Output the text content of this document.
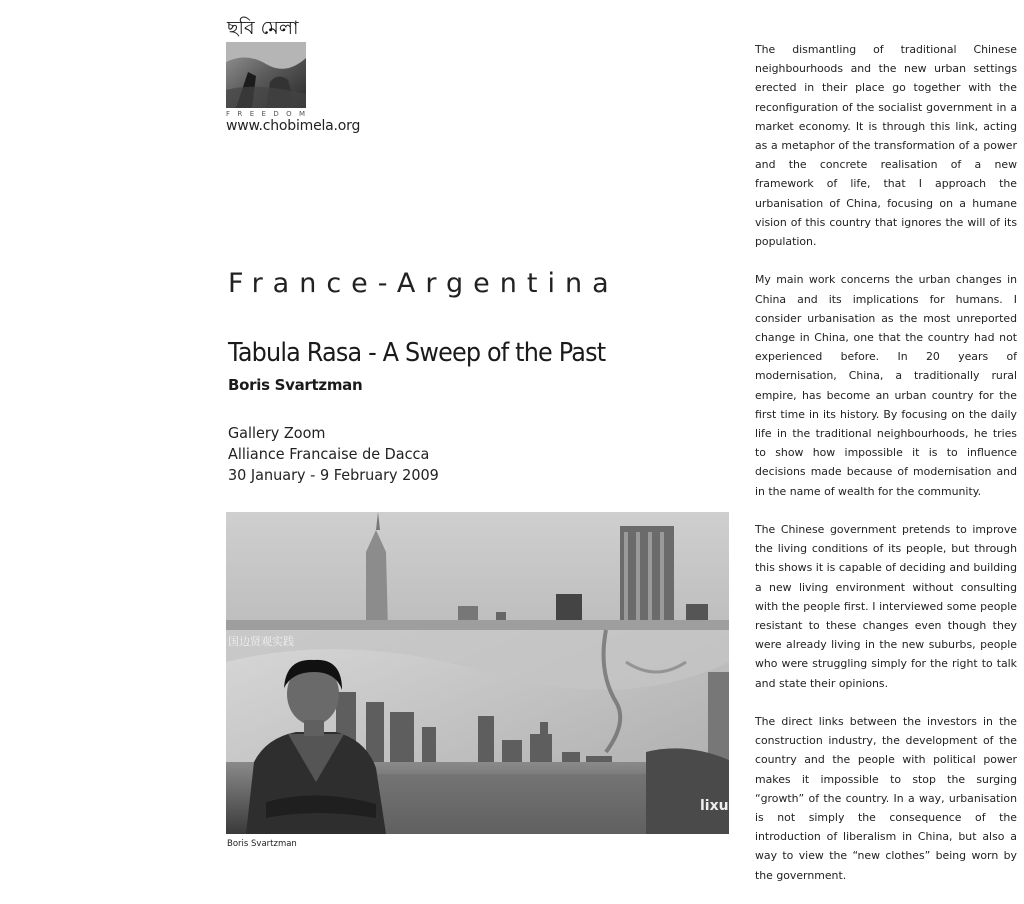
ছবি মেলা
FREEDOM
www.chobimela.org
France-Argentina
Tabula Rasa - A Sweep of the Past
Boris Svartzman
Gallery Zoom
Alliance Francaise de Dacca
30 January - 9 February 2009
国边贤观实践
lixu
Boris Svartzman

The dismantling of traditional Chinese neighbourhoods and the new urban settings erected in their place go together with the reconfiguration of the socialist government in a market economy. It is through this link, acting as a metaphor of the transformation of a power and the concrete realisation of a new framework of life, that I approach the urbanisation of China, focusing on a humane vision of this country that ignores the will of its population.

My main work concerns the urban changes in China and its implications for humans. I consider urbanisation as the most unreported change in China, one that the country had not experienced before. In 20 years of modernisation, China, a traditionally rural empire, has become an urban country for the first time in its history. By focusing on the daily life in the traditional neighbourhoods, he tries to show how impossible it is to influence decisions made because of modernisation and in the name of wealth for the community.

The Chinese government pretends to improve the living conditions of its people, but through this shows it is capable of deciding and building a new living environment without consulting with the people first. I interviewed some people resistant to these changes even though they were already living in the new suburbs, people who were struggling simply for the right to talk and state their opinions.

The direct links between the investors in the construction industry, the development of the country and the people with political power makes it impossible to stop the surging “growth” of the country. In a way, urbanisation is not simply the consequence of the introduction of liberalism in China, but also a way to view the “new clothes” being worn by the government.
